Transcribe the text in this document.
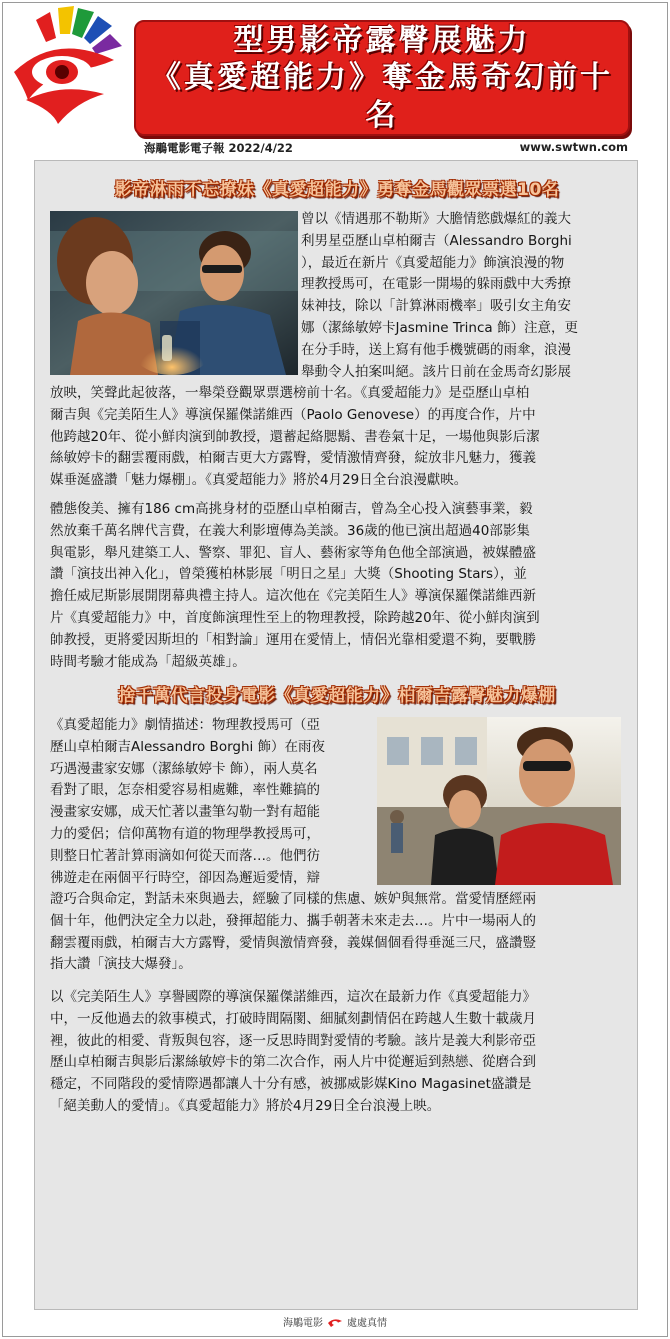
型男影帝露臀展魅力
《真愛超能力》奪金馬奇幻前十名
海鵰電影電子報 2022/4/22	www.swtwn.com
影帝淋雨不忘撩妹《真愛超能力》勇奪金馬觀眾票選10名
曾以《情遇那不勒斯》大膽情慾戲爆紅的義大
利男星亞歷山卓柏爾吉（Alessandro Borghi
），最近在新片《真愛超能力》飾演浪漫的物
理教授馬可，在電影一開場的躲雨戲中大秀撩
妹神技，除以「計算淋雨機率」吸引女主角安
娜（潔絲敏婷卡Jasmine Trinca 飾）注意，更
在分手時，送上寫有他手機號碼的雨傘，浪漫
舉動令人拍案叫絕。該片日前在金馬奇幻影展
放映，笑聲此起彼落，一舉榮登觀眾票選榜前十名。《真愛超能力》是亞歷山卓柏
爾吉與《完美陌生人》導演保羅傑諾維西（Paolo Genovese）的再度合作，片中
他跨越20年、從小鮮肉演到帥教授，還蓄起絡腮鬍、書卷氣十足，一場他與影后潔
絲敏婷卡的翻雲覆雨戲，柏爾吉更大方露臀，愛情激情齊發，綻放非凡魅力，獲義
媒垂涎盛讚「魅力爆棚」。《真愛超能力》將於4月29日全台浪漫獻映。
體態俊美、擁有186 cm高挑身材的亞歷山卓柏爾吉，曾為全心投入演藝事業，毅
然放棄千萬名牌代言費，在義大利影壇傳為美談。36歲的他已演出超過40部影集
與電影，舉凡建築工人、警察、罪犯、盲人、藝術家等角色他全部演過，被媒體盛
讚「演技出神入化」，曾榮獲柏林影展「明日之星」大獎（Shooting Stars），並
擔任威尼斯影展開閉幕典禮主持人。這次他在《完美陌生人》導演保羅傑諾維西新
片《真愛超能力》中，首度飾演理性至上的物理教授，除跨越20年、從小鮮肉演到
帥教授，更將愛因斯坦的「相對論」運用在愛情上，情侶光靠相愛還不夠，要戰勝
時間考驗才能成為「超級英雄」。
捨千萬代言投身電影《真愛超能力》柏爾吉露臀魅力爆棚
《真愛超能力》劇情描述：物理教授馬可（亞
歷山卓柏爾吉Alessandro Borghi 飾）在雨夜
巧遇漫畫家安娜（潔絲敏婷卡 飾），兩人莫名
看對了眼，怎奈相愛容易相處難，率性難搞的
漫畫家安娜，成天忙著以畫筆勾勒一對有超能
力的愛侶；信仰萬物有道的物理學教授馬可，
則整日忙著計算雨滴如何從天而落…。他們彷
彿遊走在兩個平行時空，卻因為邂逅愛情，辯
證巧合與命定，對話未來與過去，經驗了同樣的焦慮、嫉妒與無常。當愛情歷經兩
個十年，他們決定全力以赴，發揮超能力、攜手朝著未來走去…。片中一場兩人的
翻雲覆雨戲，柏爾吉大方露臀，愛情與激情齊發，義媒個個看得垂涎三尺，盛讚豎
指大讚「演技大爆發」。
以《完美陌生人》享譽國際的導演保羅傑諾維西，這次在最新力作《真愛超能力》
中，一反他過去的敘事模式，打破時間隔閡、細膩刻劃情侶在跨越人生數十載歲月
裡，彼此的相愛、背叛與包容，逐一反思時間對愛情的考驗。該片是義大利影帝亞
歷山卓柏爾吉與影后潔絲敏婷卡的第二次合作，兩人片中從邂逅到熱戀、從磨合到
穩定，不同階段的愛情際遇都讓人十分有感，被挪威影媒Kino Magasinet盛讚是
「絕美動人的愛情」。《真愛超能力》將於4月29日全台浪漫上映。
海鵰電影 處處真情
